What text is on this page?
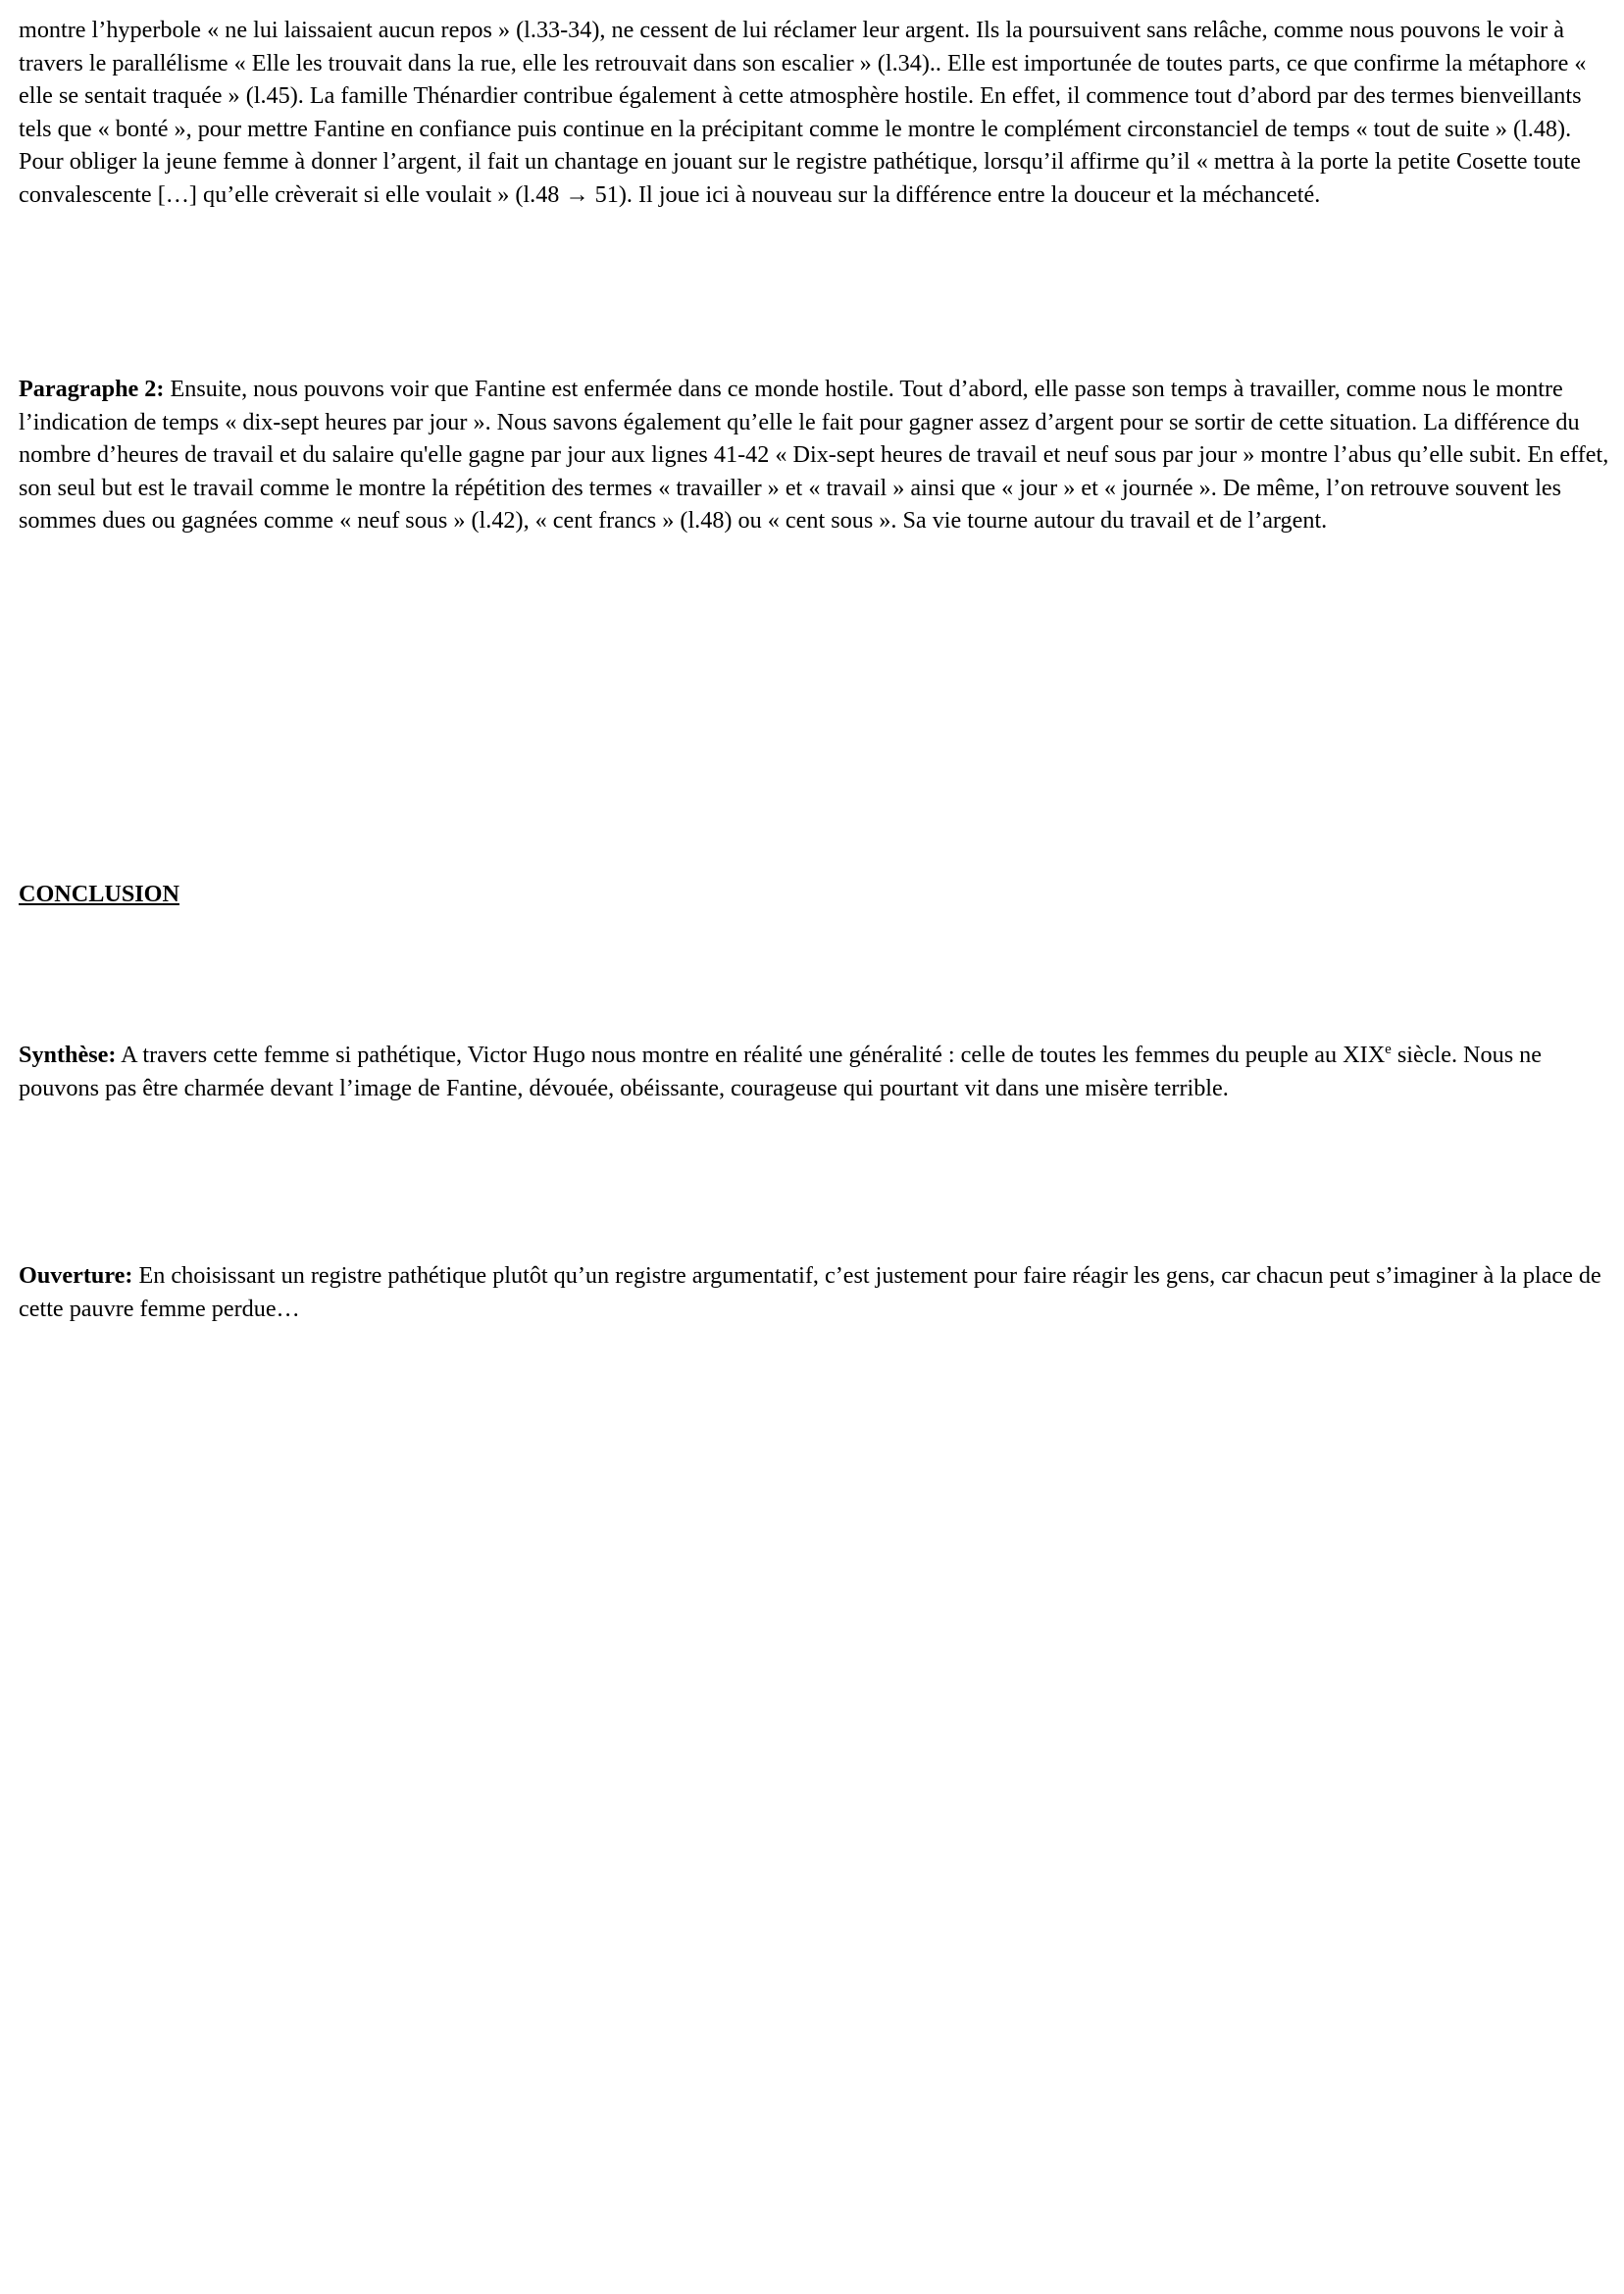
montre l’hyperbole « ne lui laissaient aucun repos » (l.33-34), ne cessent de lui réclamer leur argent. Ils la poursuivent sans relâche, comme nous pouvons le voir à travers le parallélisme « Elle les trouvait dans la rue, elle les retrouvait dans son escalier » (l.34).. Elle est importunée de toutes parts, ce que confirme la métaphore « elle se sentait traquée » (l.45). La famille Thénardier contribue également à cette atmosphère hostile. En effet, il commence tout d’abord par des termes bienveillants tels que « bonté », pour mettre Fantine en confiance puis continue en la précipitant comme le montre le complément circonstanciel de temps « tout de suite » (l.48). Pour obliger la jeune femme à donner l’argent, il fait un chantage en jouant sur le registre pathétique, lorsqu’il affirme qu’il « mettra à la porte la petite Cosette toute convalescente […] qu’elle crèverait si elle voulait » (l.48 → 51). Il joue ici à nouveau sur la différence entre la douceur et la méchanceté.

Paragraphe 2: Ensuite, nous pouvons voir que Fantine est enfermée dans ce monde hostile. Tout d’abord, elle passe son temps à travailler, comme nous le montre l’indication de temps « dix-sept heures par jour ». Nous savons également qu’elle le fait pour gagner assez d’argent pour se sortir de cette situation. La différence du nombre d’heures de travail et du salaire qu'elle gagne par jour aux lignes 41-42 « Dix-sept heures de travail et neuf sous par jour » montre l’abus qu’elle subit. En effet, son seul but est le travail comme le montre la répétition des termes « travailler » et « travail » ainsi que « jour » et « journée ». De même, l’on retrouve souvent les sommes dues ou gagnées comme « neuf sous » (l.42), « cent francs » (l.48) ou « cent sous ». Sa vie tourne autour du travail et de l’argent.

CONCLUSION

Synthèse: A travers cette femme si pathétique, Victor Hugo nous montre en réalité une généralité : celle de toutes les femmes du peuple au XIXe siècle. Nous ne pouvons pas être charmée devant l’image de Fantine, dévouée, obéissante, courageuse qui pourtant vit dans une misère terrible.

Ouverture: En choisissant un registre pathétique plutôt qu’un registre argumentatif, c’est justement pour faire réagir les gens, car chacun peut s’imaginer à la place de cette pauvre femme perdue…
